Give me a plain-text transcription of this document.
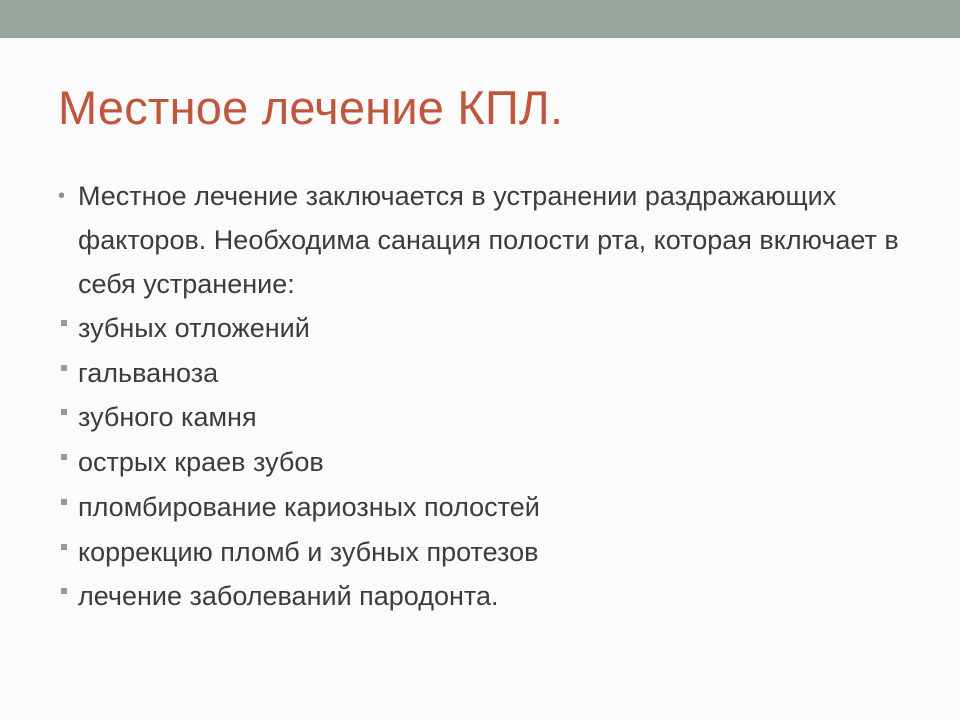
Местное лечение КПЛ.
• Местное лечение заключается в устранении раздражающих факторов. Необходима санация полости рта, которая включает в себя устранение:
зубных отложений
гальваноза
зубного камня
острых краев зубов
пломбирование кариозных полостей
коррекцию пломб и зубных протезов
лечение заболеваний пародонта.
